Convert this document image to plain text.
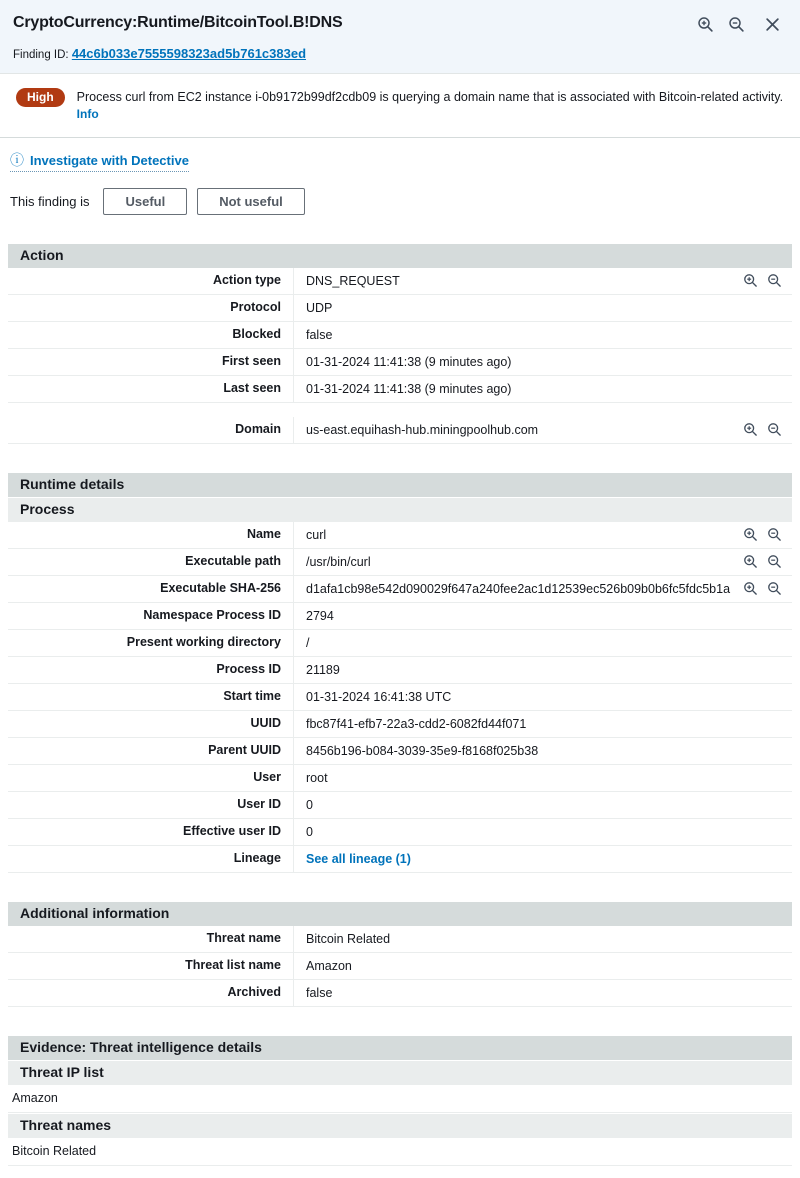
CryptoCurrency:Runtime/BitcoinTool.B!DNS
Finding ID: 44c6b033e7555598323ad5b761c383ed
High	Process curl from EC2 instance i-0b9172b99df2cdb09 is querying a domain name that is associated with Bitcoin-related activity. Info

ⓘ Investigate with Detective
This finding is	Useful	Not useful
Action
Action type	DNS_REQUEST
Protocol	UDP
Blocked	false
First seen	01-31-2024 11:41:38 (9 minutes ago)
Last seen	01-31-2024 11:41:38 (9 minutes ago)
Domain	us-east.equihash-hub.miningpoolhub.com
Runtime details
Process
Name	curl
Executable path	/usr/bin/curl
Executable SHA-256	d1afa1cb98e542d090029f647a240fee2ac1d12539ec526b09b0b6fc5fdc5b1a
Namespace Process ID	2794
Present working directory	/
Process ID	21189
Start time	01-31-2024 16:41:38 UTC
UUID	fbc87f41-efb7-22a3-cdd2-6082fd44f071
Parent UUID	8456b196-b084-3039-35e9-f8168f025b38
User	root
User ID	0
Effective user ID	0
Lineage	See all lineage (1)
Additional information
Threat name	Bitcoin Related
Threat list name	Amazon
Archived	false
Evidence: Threat intelligence details
Threat IP list
Amazon
Threat names
Bitcoin Related
